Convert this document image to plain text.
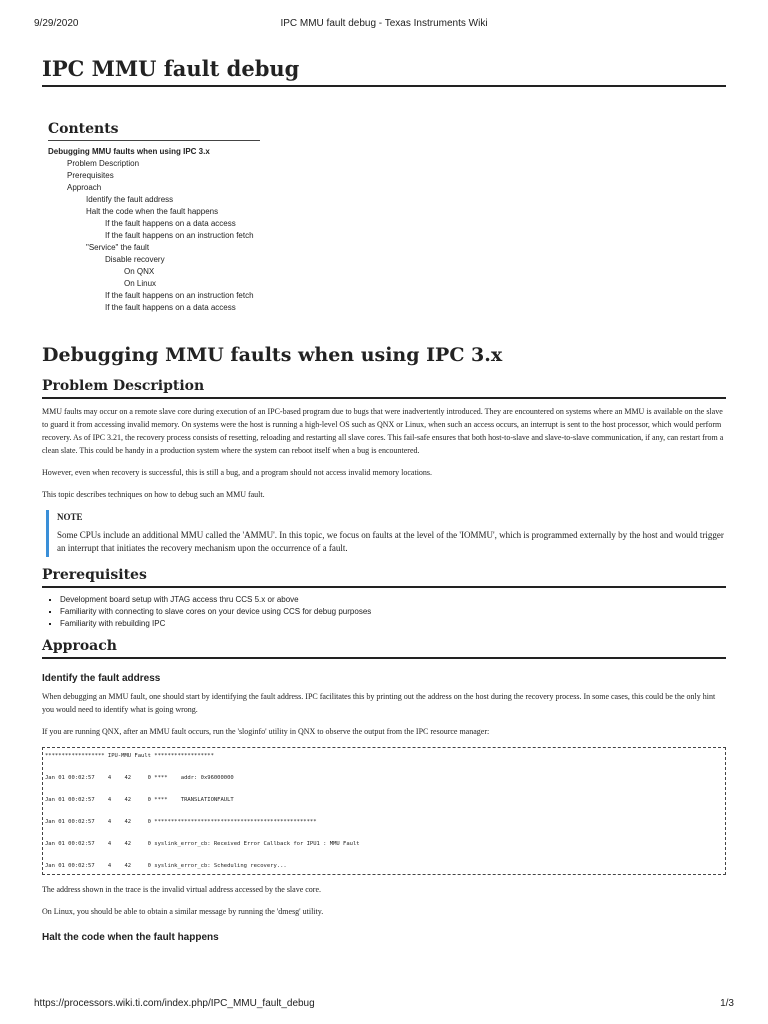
9/29/2020	IPC MMU fault debug - Texas Instruments Wiki
IPC MMU fault debug
Contents
Debugging MMU faults when using IPC 3.x
Problem Description
Prerequisites
Approach
Identify the fault address
Halt the code when the fault happens
If the fault happens on a data access
If the fault happens on an instruction fetch
"Service" the fault
Disable recovery
On QNX
On Linux
If the fault happens on an instruction fetch
If the fault happens on a data access
Debugging MMU faults when using IPC 3.x
Problem Description

MMU faults may occur on a remote slave core during execution of an IPC-based program due to bugs that were inadvertently introduced. They are encountered on systems where an MMU is available on the slave to guard it from accessing invalid memory. On systems were the host is running a high-level OS such as QNX or Linux, when such an access occurs, an interrupt is sent to the host processor, which would perform recovery. As of IPC 3.21, the recovery process consists of resetting, reloading and restarting all slave cores. This fail-safe ensures that both host-to-slave and slave-to-slave communication, if any, can restart from a clean slate. This could be handy in a production system where the system can reboot itself when a bug is encountered.

However, even when recovery is successful, this is still a bug, and a program should not access invalid memory locations.

This topic describes techniques on how to debug such an MMU fault.

NOTE
Some CPUs include an additional MMU called the 'AMMU'. In this topic, we focus on faults at the level of the 'IOMMU', which is programmed externally by the host and would trigger an interrupt that initiates the recovery mechanism upon the occurrence of a fault.
Prerequisites
▪ Development board setup with JTAG access thru CCS 5.x or above
▪ Familiarity with connecting to slave cores on your device using CCS for debug purposes
▪ Familiarity with rebuilding IPC
Approach
Identify the fault address

When debugging an MMU fault, one should start by identifying the fault address. IPC facilitates this by printing out the address on the host during the recovery process. In some cases, this could be the only hint you would need to identify what is going wrong.

If you are running QNX, after an MMU fault occurs, run the 'sloginfo' utility in QNX to observe the output from the IPC resource manager:

****************** IPU-MMU Fault ******************

Jan 01 00:02:57    4    42     0 ****    addr: 0x96000000

Jan 01 00:02:57    4    42     0 ****    TRANSLATIONFAULT

Jan 01 00:02:57    4    42     0 *************************************************

Jan 01 00:02:57    4    42     0 syslink_error_cb: Received Error Callback for IPU1 : MMU Fault

Jan 01 00:02:57    4    42     0 syslink_error_cb: Scheduling recovery...

The address shown in the trace is the invalid virtual address accessed by the slave core.

On Linux, you should be able to obtain a similar message by running the 'dmesg' utility.

Halt the code when the fault happens
https://processors.wiki.ti.com/index.php/IPC_MMU_fault_debug	1/3
